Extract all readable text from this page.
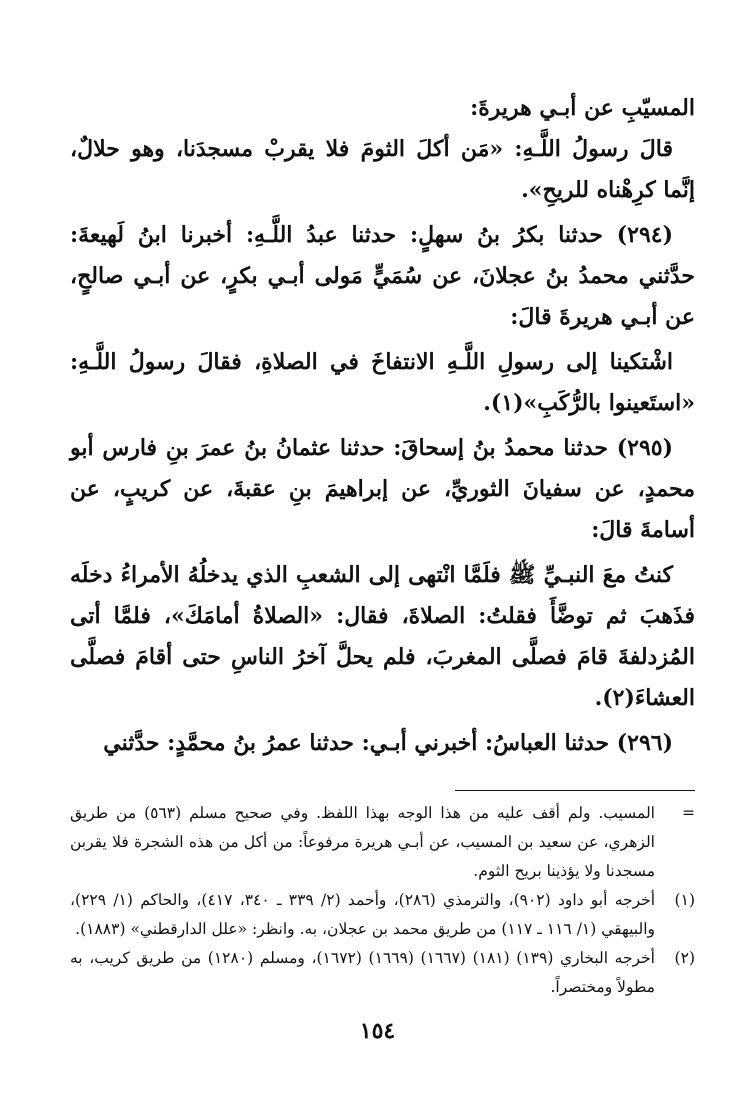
المسيّبِ عن أبـي هريرةَ:

قالَ رسولُ اللَّـهِ: «مَن أكلَ الثومَ فلا يقربْ مسجدَنا، وهو حلالٌ، إنَّما كرِهْناه للريحِ».

(٢٩٤) حدثنا بكرُ بنُ سهلٍ: حدثنا عبدُ اللَّـهِ: أخبرنا ابنُ لَهيعةَ: حدَّثني محمدُ بنُ عجلانَ، عن سُمَيٍّ مَولى أبـي بكرٍ، عن أبـي صالحٍ، عن أبـي هريرةَ قالَ:

اشْتكينا إلى رسولِ اللَّـهِ الانتفاخَ في الصلاةِ، فقالَ رسولُ اللَّـهِ: «استَعينوا بالرُّكَبِ»(١).

(٢٩٥) حدثنا محمدُ بنُ إسحاقَ: حدثنا عثمانُ بنُ عمرَ بنِ فارس أبو محمدٍ، عن سفيانَ الثوريِّ، عن إبراهيمَ بنِ عقبةَ، عن كريبٍ، عن أسامةَ قالَ:

كنتُ معَ النبـيِّ ﷺ فلَمَّا انْتهى إلى الشعبِ الذي يدخلُهُ الأمراءُ دخلَه فذَهبَ ثم توضَّأَ فقلتُ: الصلاةَ، فقال: «الصلاةُ أمامَكَ»، فلمَّا أتى المُزدلفةَ قامَ فصلَّى المغربَ، فلم يحلَّ آخرُ الناسِ حتى أقامَ فصلَّى العشاءَ(٢).

(٢٩٦) حدثنا العباسُ: أخبرني أبـي: حدثنا عمرُ بنُ محمَّدٍ: حدَّثني

=
المسيب. ولم أقف عليه من هذا الوجه بهذا اللفظ. وفي صحيح مسلم (٥٦٣) من طريق الزهري، عن سعيد بن المسيب، عن أبـي هريرة مرفوعاً: من أكل من هذه الشجرة فلا يقربن مسجدنا ولا يؤذينا بريح الثوم.
(١)
أخرجه أبو داود (٩٠٢)، والترمذي (٢٨٦)، وأحمد (٢/ ٣٣٩ ـ ٣٤٠، ٤١٧)، والحاكم (١/ ٢٢٩)، والبيهقي (١/ ١١٦ ـ ١١٧) من طريق محمد بن عجلان، به. وانظر: «علل الدارقطني» (١٨٨٣).
(٢)
أخرجه البخاري (١٣٩) (١٨١) (١٦٦٧) (١٦٦٩) (١٦٧٢)، ومسلم (١٢٨٠) من طريق كريب، به مطولاً ومختصراً.
١٥٤
